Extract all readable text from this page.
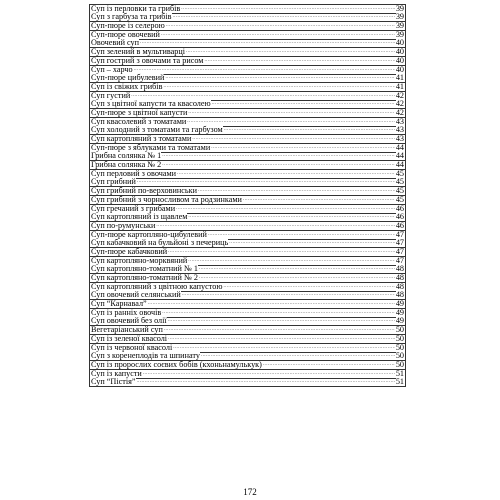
Суп із перловки та грибів .....	39
Суп з гарбуза та грибів .....	39
Суп-пюре із селерою .....	39
Суп-пюре овочевий .....	39
Овочевий суп .....	40
Суп зелений в мультиварці .....	40
Суп гострий з овочами та рисом .....	40
Суп – харчо .....	40
Суп-пюре цибулевий .....	41
Суп із свіжих грибів .....	41
Суп густий .....	42
Суп з цвітної капусти та квасолею .....	42
Суп-пюре з цвітної капусти .....	42
Суп квасолевий з томатами .....	43
Суп холодний з томатами та гарбузом .....	43
Суп картопляний з томатами .....	43
Суп-пюре з яблуками та томатами .....	44
Грибна солянка № 1 .....	44
Грибна солянка № 2 .....	44
Суп перловий з овочами .....	45
Суп грибний .....	45
Суп грибний по-верховинськи .....	45
Суп грибний з чорносливом та родзинками .....	45
Суп гречаний з грибами .....	46
Суп картопляний із щавлем .....	46
Суп по-румунськи .....	46
Суп-пюре картопляно-цибулевий .....	47
Суп кабачковий на бульйоні з печериць .....	47
Суп-пюре кабачковий .....	47
Суп картопляно-морквяний .....	47
Суп картопляно-томатний № 1 .....	48
Суп картопляно-томатний № 2 .....	48
Суп картопляний з цвітною капустою .....	48
Суп овочевий селянський .....	48
Суп “Карнавал” .....	49
Суп із ранніх овочів .....	49
Суп овочевий без олії .....	49
Вегетаріанський суп .....	50
Суп із зеленої квасолі .....	50
Суп із червоної квасолі .....	50
Суп з коренеплодів та шпинату .....	50
Суп із пророслих соєвих бобів (кхоньнамулькук) .....	50
Суп із капусти .....	51
Суп “Пістія” .....	51
172
